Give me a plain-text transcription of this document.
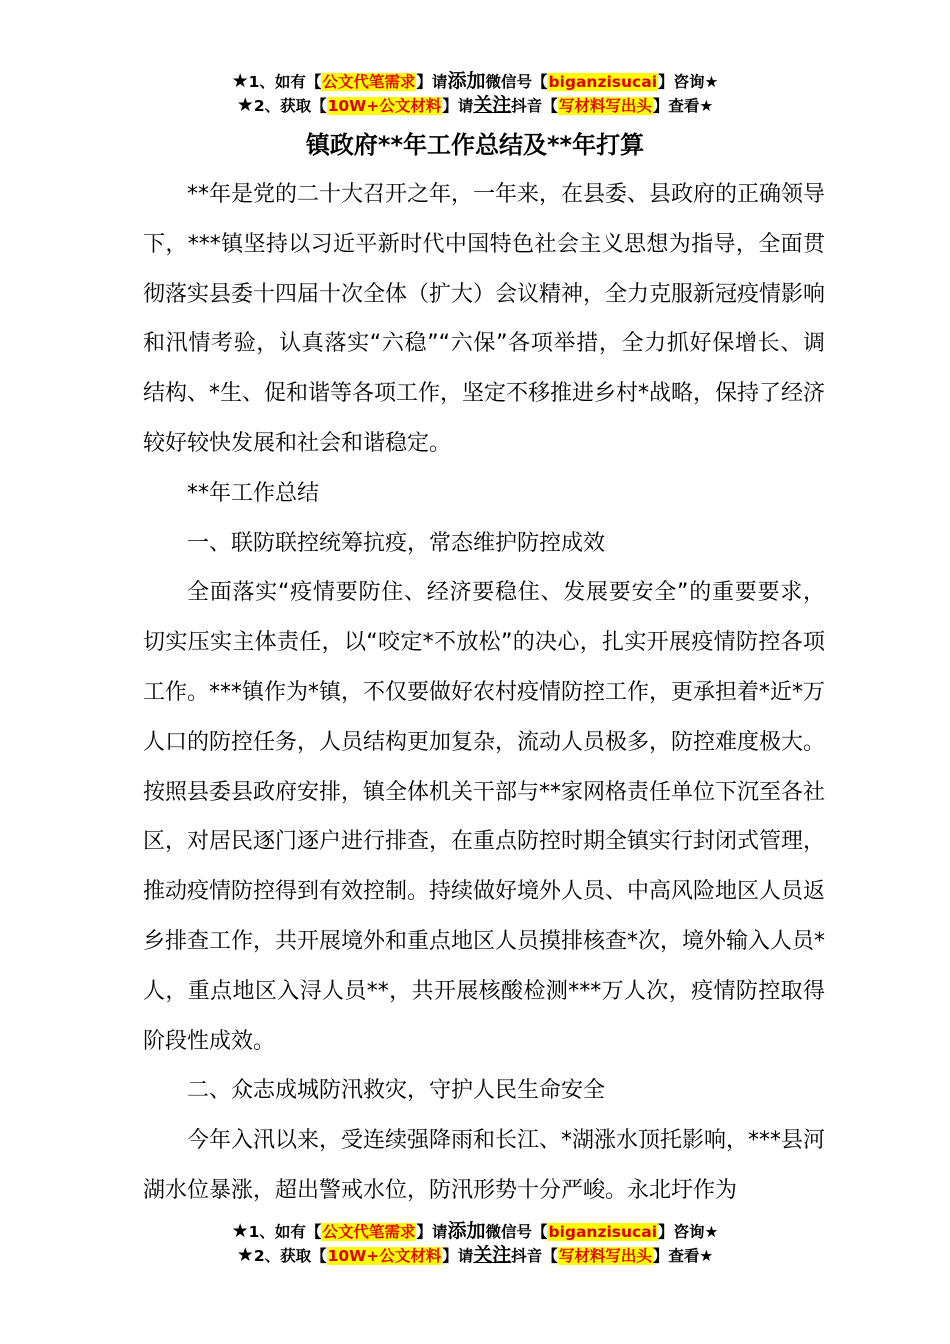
★1、如有【公文代笔需求】请添加微信号【biganzisucai】咨询★
★2、获取【10W+公文材料】请关注抖音【写材料写出头】查看★
镇政府**年工作总结及**年打算

**年是党的二十大召开之年，一年来，在县委、县政府的正确领导下，***镇坚持以习近平新时代中国特色社会主义思想为指导，全面贯彻落实县委十四届十次全体（扩大）会议精神，全力克服新冠疫情影响和汛情考验，认真落实“六稳”“六保”各项举措，全力抓好保增长、调结构、*生、促和谐等各项工作，坚定不移推进乡村*战略，保持了经济较好较快发展和社会和谐稳定。

**年工作总结

一、联防联控统筹抗疫，常态维护防控成效

全面落实“疫情要防住、经济要稳住、发展要安全”的重要要求，切实压实主体责任，以“咬定*不放松”的决心，扎实开展疫情防控各项工作。***镇作为*镇，不仅要做好农村疫情防控工作，更承担着*近*万人口的防控任务，人员结构更加复杂，流动人员极多，防控难度极大。按照县委县政府安排，镇全体机关干部与**家网格责任单位下沉至各社区，对居民逐门逐户进行排查，在重点防控时期全镇实行封闭式管理，推动疫情防控得到有效控制。持续做好境外人员、中高风险地区人员返乡排查工作，共开展境外和重点地区人员摸排核查*次，境外输入人员*人，重点地区入浔人员**，共开展核酸检测***万人次，疫情防控取得阶段性成效。

二、众志成城防汛救灾，守护人民生命安全

今年入汛以来，受连续强降雨和长江、*湖涨水顶托影响，***县河湖水位暴涨，超出警戒水位，防汛形势十分严峻。永北圩作为

★1、如有【公文代笔需求】请添加微信号【biganzisucai】咨询★
★2、获取【10W+公文材料】请关注抖音【写材料写出头】查看★
